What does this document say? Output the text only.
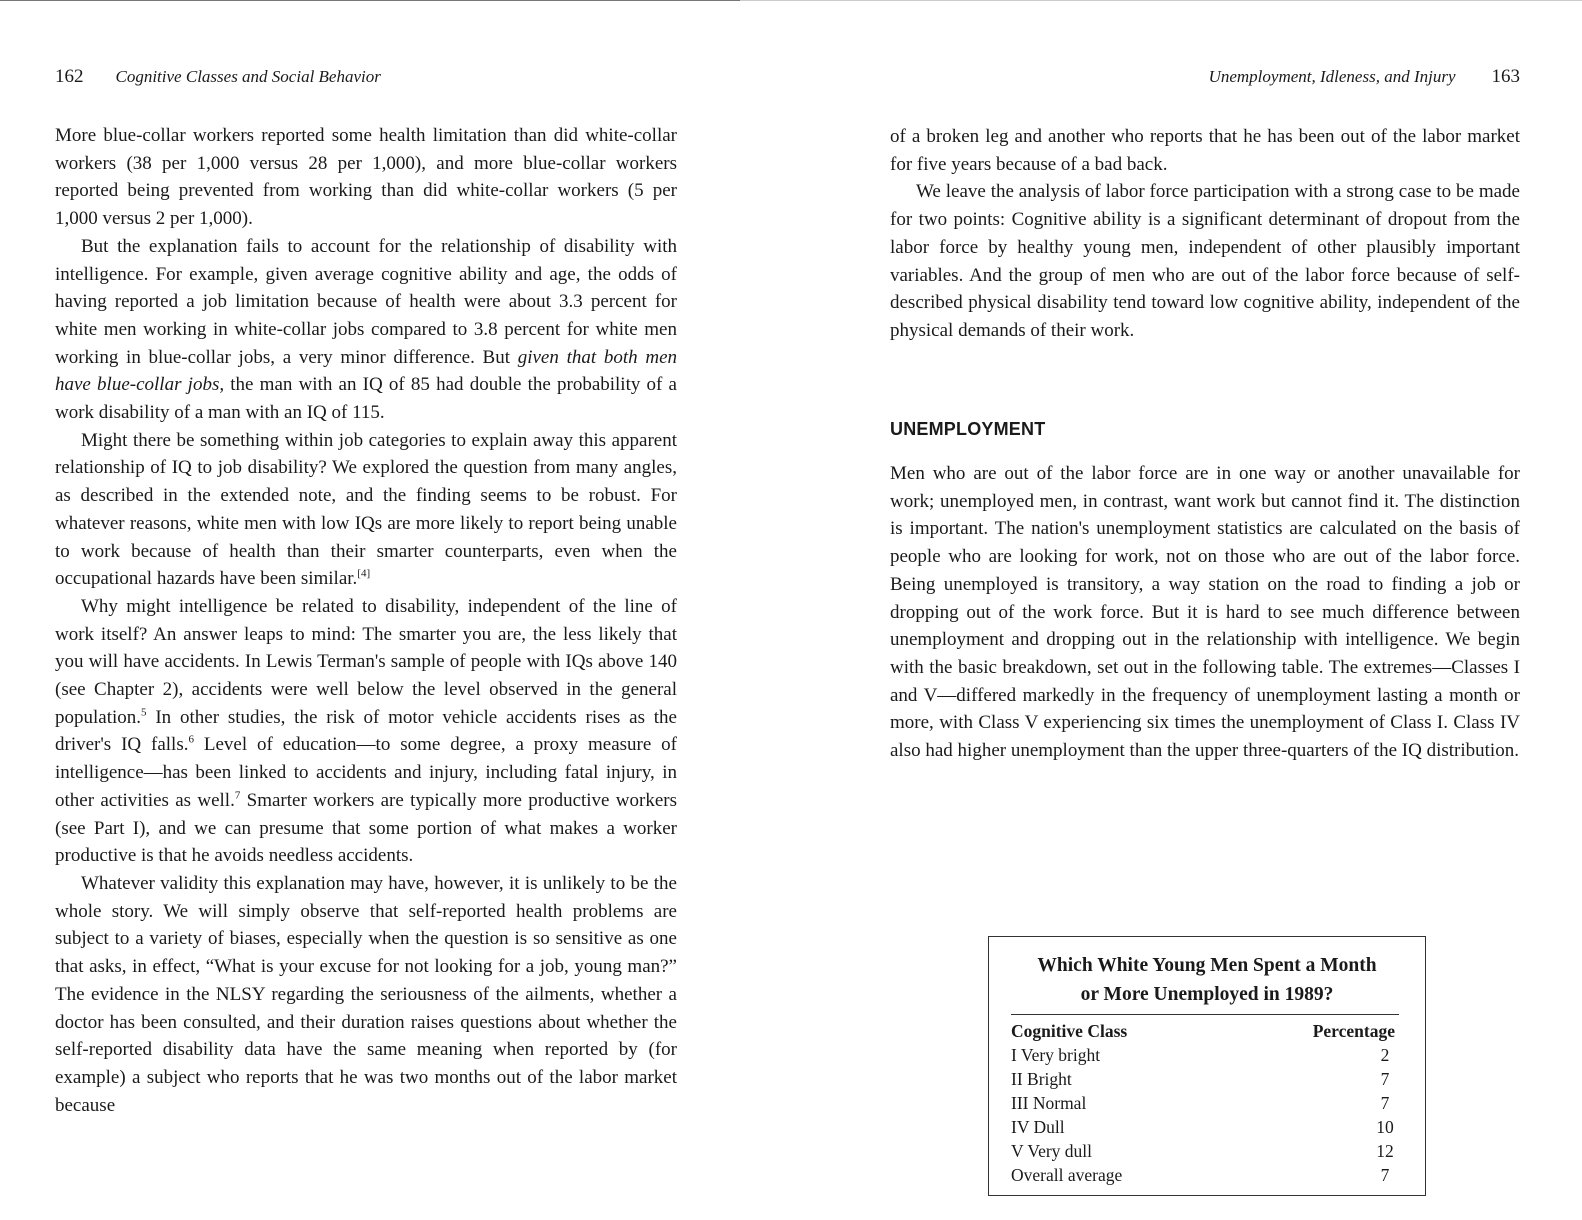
162 Cognitive Classes and Social Behavior

More blue-collar workers reported some health limitation than did white-collar workers (38 per 1,000 versus 28 per 1,000), and more blue-collar workers reported being prevented from working than did white-collar workers (5 per 1,000 versus 2 per 1,000).

But the explanation fails to account for the relationship of disability with intelligence. For example, given average cognitive ability and age, the odds of having reported a job limitation because of health were about 3.3 percent for white men working in white-collar jobs compared to 3.8 percent for white men working in blue-collar jobs, a very minor difference. But given that both men have blue-collar jobs, the man with an IQ of 85 had double the probability of a work disability of a man with an IQ of 115.

Might there be something within job categories to explain away this apparent relationship of IQ to job disability? We explored the question from many angles, as described in the extended note, and the finding seems to be robust. For whatever reasons, white men with low IQs are more likely to report being unable to work because of health than their smarter counterparts, even when the occupational hazards have been similar.[4]

Why might intelligence be related to disability, independent of the line of work itself? An answer leaps to mind: The smarter you are, the less likely that you will have accidents. In Lewis Terman's sample of people with IQs above 140 (see Chapter 2), accidents were well below the level observed in the general population.$^5$ In other studies, the risk of motor vehicle accidents rises as the driver's IQ falls.$^6$ Level of education—to some degree, a proxy measure of intelligence—has been linked to accidents and injury, including fatal injury, in other activities as well.$^7$ Smarter workers are typically more productive workers (see Part I), and we can presume that some portion of what makes a worker productive is that he avoids needless accidents.

Whatever validity this explanation may have, however, it is unlikely to be the whole story. We will simply observe that self-reported health problems are subject to a variety of biases, especially when the question is so sensitive as one that asks, in effect, “What is your excuse for not looking for a job, young man?” The evidence in the NLSY regarding the seriousness of the ailments, whether a doctor has been consulted, and their duration raises questions about whether the self-reported disability data have the same meaning when reported by (for example) a subject who reports that he was two months out of the labor market because

Unemployment, Idleness, and Injury 163

of a broken leg and another who reports that he has been out of the labor market for five years because of a bad back.

We leave the analysis of labor force participation with a strong case to be made for two points: Cognitive ability is a significant determinant of dropout from the labor force by healthy young men, independent of other plausibly important variables. And the group of men who are out of the labor force because of self-described physical disability tend toward low cognitive ability, independent of the physical demands of their work.

UNEMPLOYMENT

Men who are out of the labor force are in one way or another unavailable for work; unemployed men, in contrast, want work but cannot find it. The distinction is important. The nation's unemployment statistics are calculated on the basis of people who are looking for work, not on those who are out of the labor force. Being unemployed is transitory, a way station on the road to finding a job or dropping out of the work force. But it is hard to see much difference between unemployment and dropping out in the relationship with intelligence. We begin with the basic breakdown, set out in the following table. The extremes—Classes I and V—differed markedly in the frequency of unemployment lasting a month or more, with Class V experiencing six times the unemployment of Class I. Class IV also had higher unemployment than the upper three-quarters of the IQ distribution.

Which White Young Men Spent a Month
or More Unemployed in 1989?
Cognitive Class	Percentage
I Very bright	2
II Bright	7
III Normal	7
IV Dull	10
V Very dull	12
Overall average	7
